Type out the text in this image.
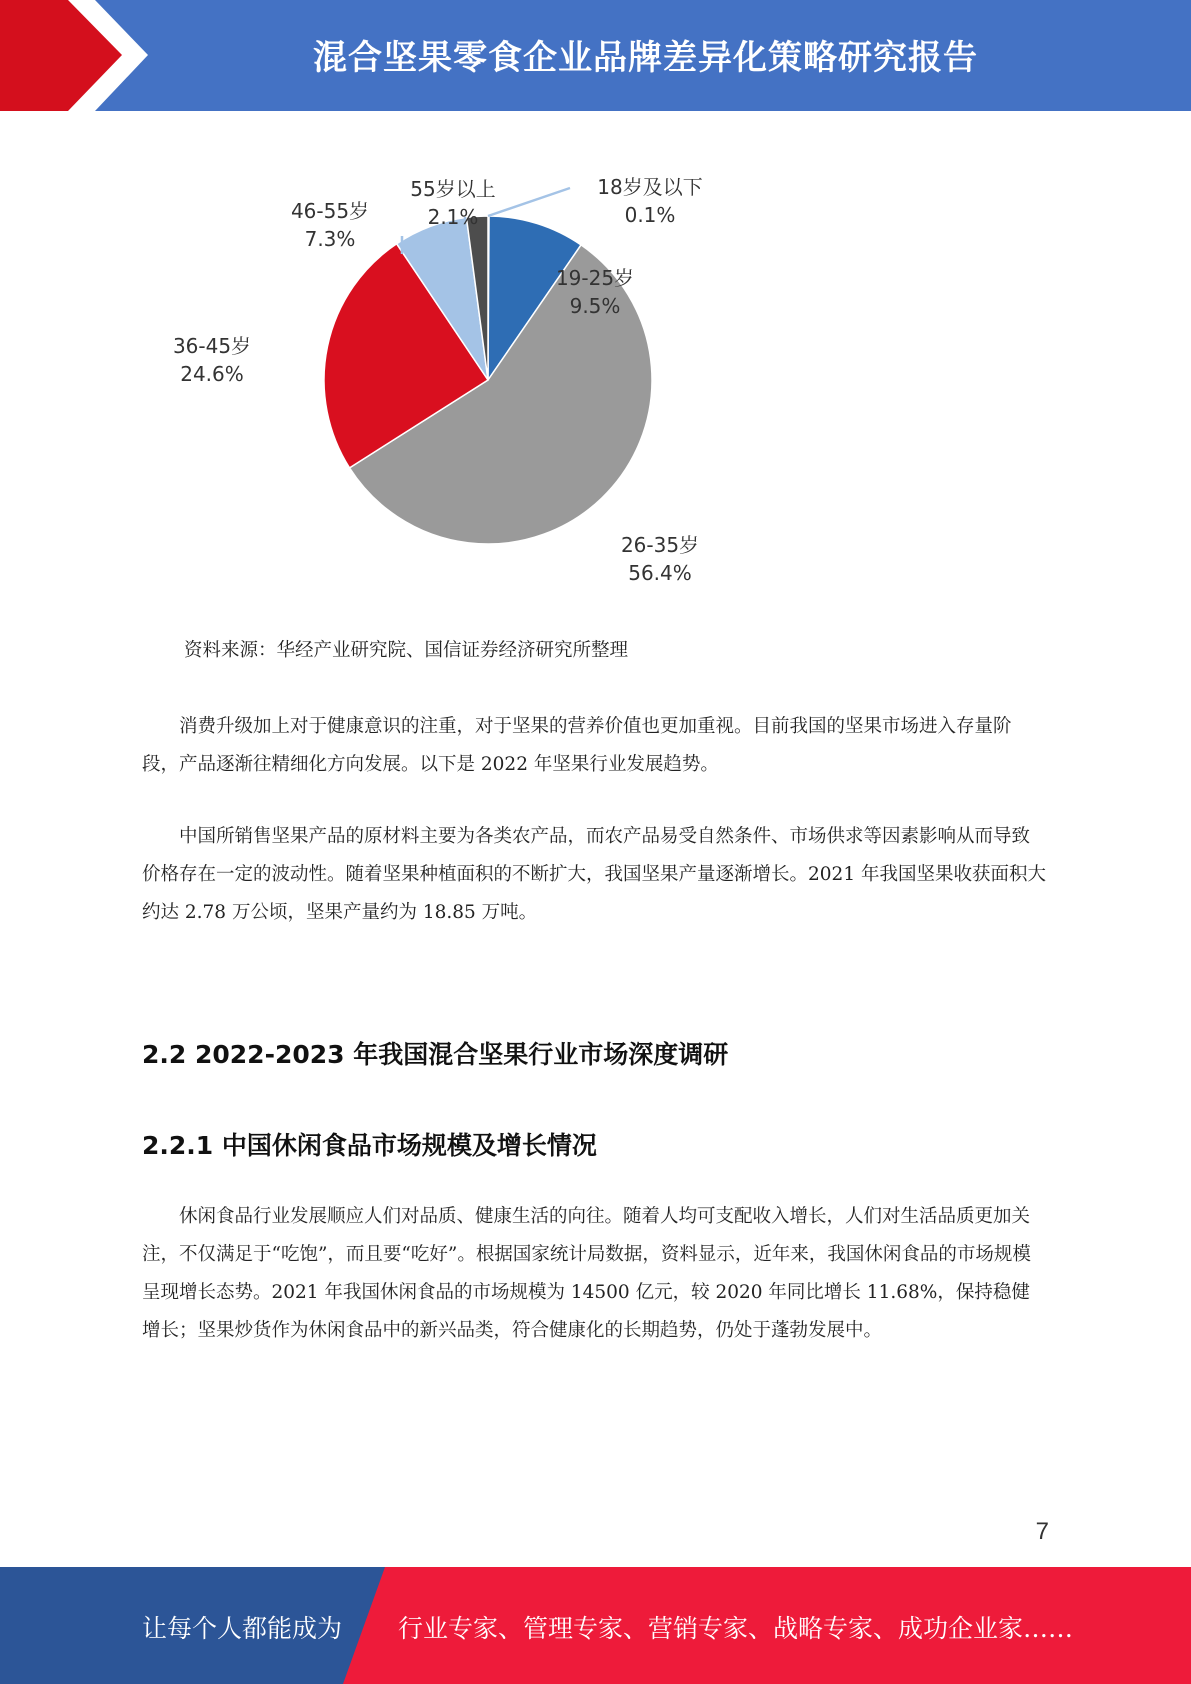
混合坚果零食企业品牌差异化策略研究报告
18岁及以下
0.1%
19-25岁
9.5%
26-35岁
56.4%
36-45岁
24.6%
46-55岁
7.3%
55岁以上
2.1%

资料来源：华经产业研究院、国信证券经济研究所整理

消费升级加上对于健康意识的注重，对于坚果的营养价值也更加重视。目前我国的坚果市场进入存量阶段，产品逐渐往精细化方向发展。以下是 2022 年坚果行业发展趋势。

中国所销售坚果产品的原材料主要为各类农产品，而农产品易受自然条件、市场供求等因素影响从而导致价格存在一定的波动性。随着坚果种植面积的不断扩大，我国坚果产量逐渐增长。2021 年我国坚果收获面积大约达 2.78 万公顷，坚果产量约为 18.85 万吨。

2.2 2022-2023 年我国混合坚果行业市场深度调研
2.2.1 中国休闲食品市场规模及增长情况

休闲食品行业发展顺应人们对品质、健康生活的向往。随着人均可支配收入增长，人们对生活品质更加关注，不仅满足于“吃饱”，而且要“吃好”。根据国家统计局数据，资料显示，近年来，我国休闲食品的市场规模呈现增长态势。2021 年我国休闲食品的市场规模为 14500 亿元，较 2020 年同比增长 11.68%，保持稳健增长；坚果炒货作为休闲食品中的新兴品类，符合健康化的长期趋势，仍处于蓬勃发展中。

7
让每个人都能成为 行业专家、管理专家、营销专家、战略专家、成功企业家……
